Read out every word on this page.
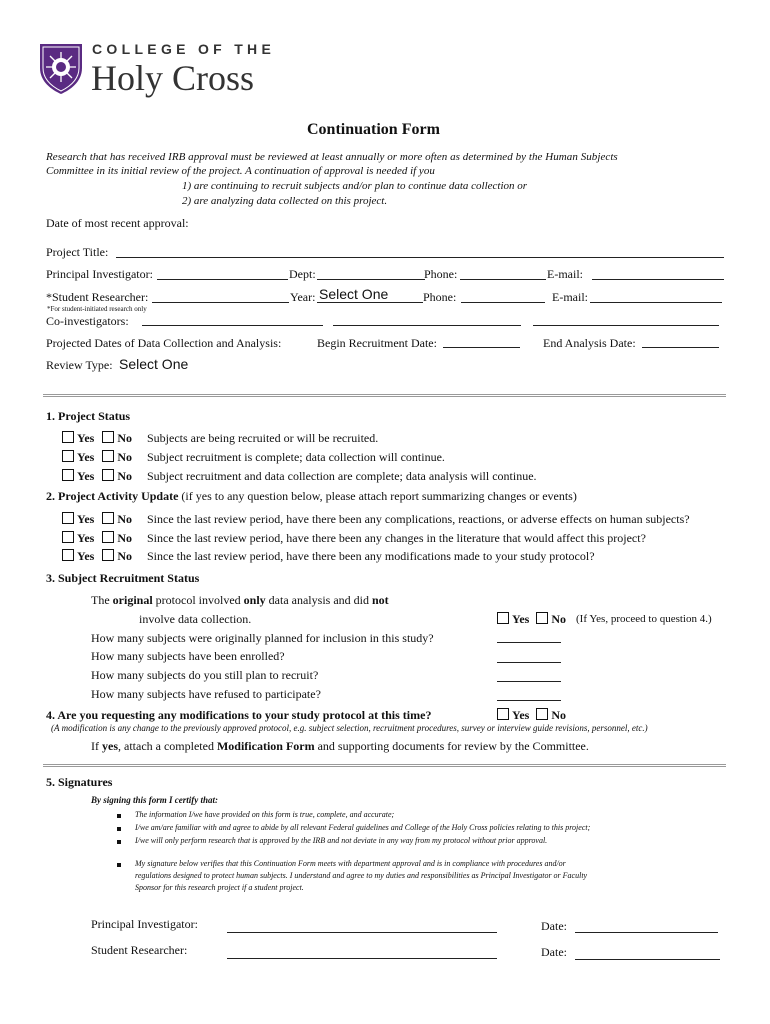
COLLEGE OF THE
Holy Cross
Continuation Form
Research that has received IRB approval must be reviewed at least annually or more often as determined by the Human Subjects
Committee in its initial review of the project. A continuation of approval is needed if you
1) are continuing to recruit subjects and/or plan to continue data collection or
2) are analyzing data collected on this project.
Date of most recent approval:
Project Title:
Principal Investigator:	Dept:	Phone:	E-mail:
*Student Researcher:	Year: Select One	Phone:	E-mail:
*For student-initiated research only
Co-investigators:
Projected Dates of Data Collection and Analysis:	Begin Recruitment Date:	End Analysis Date:
Review Type: Select One
1. Project Status
Yes No Subjects are being recruited or will be recruited.
Yes No Subject recruitment is complete; data collection will continue.
Yes No Subject recruitment and data collection are complete; data analysis will continue.
2. Project Activity Update (if yes to any question below, please attach report summarizing changes or events)
Yes No Since the last review period, have there been any complications, reactions, or adverse effects on human subjects?
Yes No Since the last review period, have there been any changes in the literature that would affect this project?
Yes No Since the last review period, have there been any modifications made to your study protocol?
3. Subject Recruitment Status
The original protocol involved only data analysis and did not
involve data collection.	Yes No (If Yes, proceed to question 4.)
How many subjects were originally planned for inclusion in this study?
How many subjects have been enrolled?
How many subjects do you still plan to recruit?
How many subjects have refused to participate?
4. Are you requesting any modifications to your study protocol at this time?	Yes No
(A modification is any change to the previously approved protocol, e.g. subject selection, recruitment procedures, survey or interview guide revisions, personnel, etc.)
If yes, attach a completed Modification Form and supporting documents for review by the Committee.
5. Signatures
By signing this form I certify that:
The information I/we have provided on this form is true, complete, and accurate;
I/we am/are familiar with and agree to abide by all relevant Federal guidelines and College of the Holy Cross policies relating to this project;
I/we will only perform research that is approved by the IRB and not deviate in any way from my protocol without prior approval.
My signature below verifies that this Continuation Form meets with department approval and is in compliance with procedures and/or
regulations designed to protect human subjects. I understand and agree to my duties and responsibilities as Principal Investigator or Faculty
Sponsor for this research project if a student project.
Principal Investigator:	Date:
Student Researcher:	Date:
